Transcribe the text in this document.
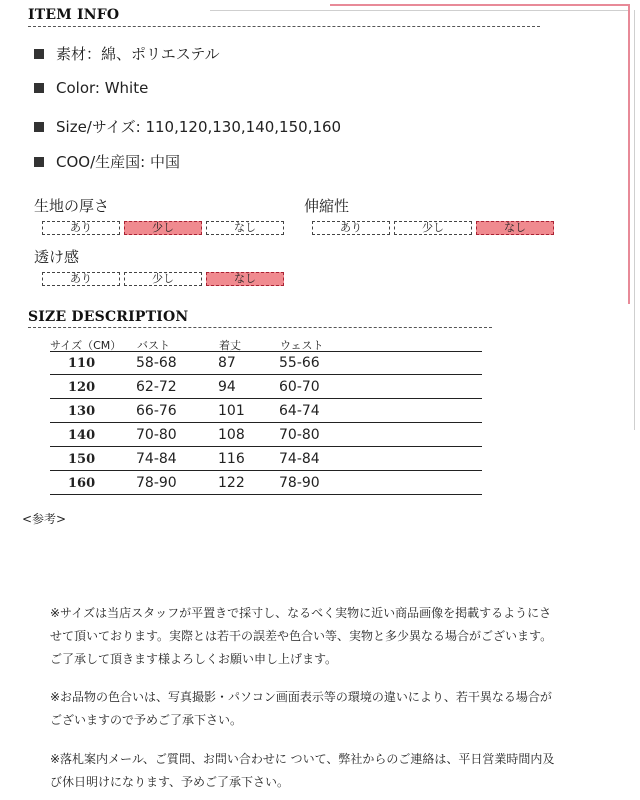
ITEM INFO
素材：綿、ポリエステル
Color: White
Size/サイズ: 110,120,130,140,150,160
COO/生産国: 中国
生地の厚さ
あり	少し	なし
伸縮性
あり	少し	なし
透け感
あり	少し	なし
SIZE DESCRIPTION
サイズ（CM） バスト	着丈	ウェスト
110	58-68	87	55-66
120	62-72	94	60-70
130	66-76	101 64-74
140	70-80	108 70-80
150	74-84	116 74-84
160	78-90	122 78-90
<参考>
※サイズは当店スタッフが平置きで採寸し、なるべく実物に近い商品画像を掲載するようにさせて頂いております。実際とは若干の誤差や色合い等、実物と多少異なる場合がございます。ご了承して頂きます様よろしくお願い申し上げます。
※お品物の色合いは、写真撮影・パソコン画面表示等の環境の違いにより、若干異なる場合がございますので予めご了承下さい。
※落札案内メール、ご質問、お問い合わせに ついて、弊社からのご連絡は、平日営業時間内及び休日明けになります、予めご了承下さい。
